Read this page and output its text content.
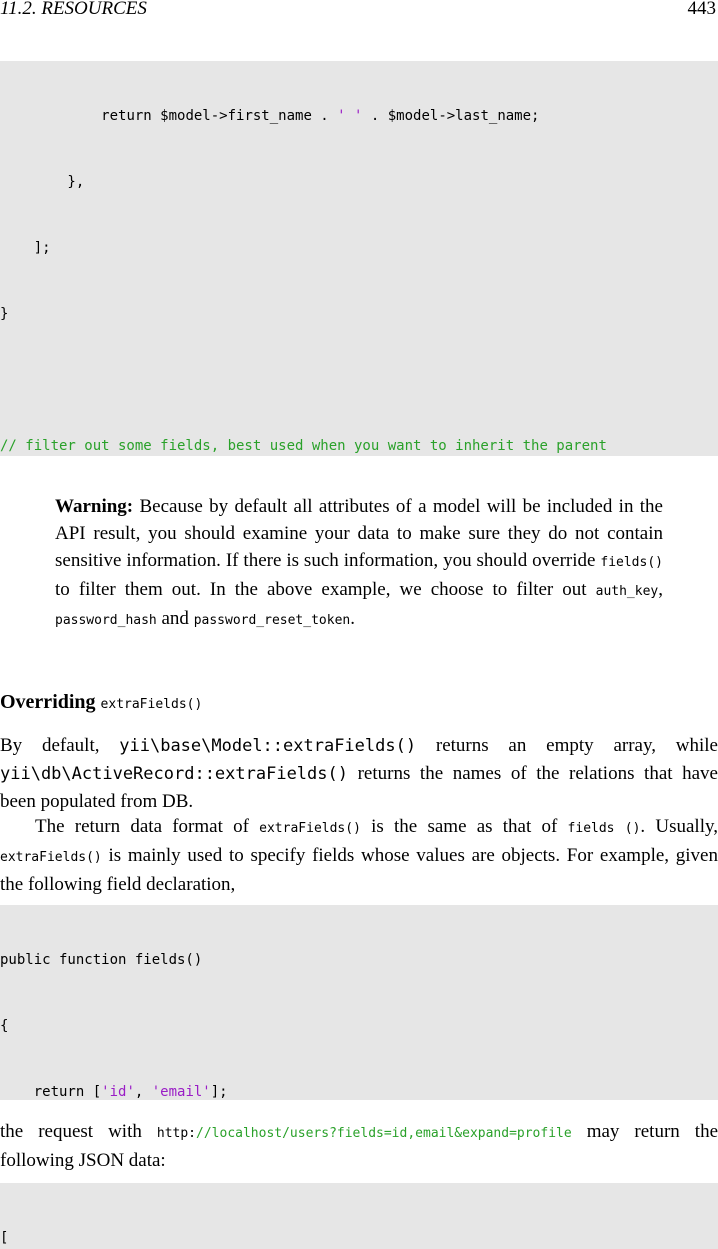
11.2. RESOURCES	443

return $model->first_name . ' ' . $model->last_name;

},

];

}

// filter out some fields, best used when you want to inherit the parent

Warning: Because by default all attributes of a model will be included in the API result, you should examine your data to make sure they do not contain sensitive information. If there is such information, you should override fields() to filter them out. In the above example, we choose to filter out auth_key, password_hash and password_reset_token.
Overriding extraFields()
By default, yii\base\Model::extraFields() returns an empty array, while yii\db\ActiveRecord::extraFields() returns the names of the relations that have been populated from DB.
The return data format of extraFields() is the same as that of fields (). Usually, extraFields() is mainly used to specify fields whose values are objects. For example, given the following field declaration,

public function fields()

{

return ['id', 'email'];

the request with http://localhost/users?fields=id,email&expand=profile may return the following JSON data:

[
